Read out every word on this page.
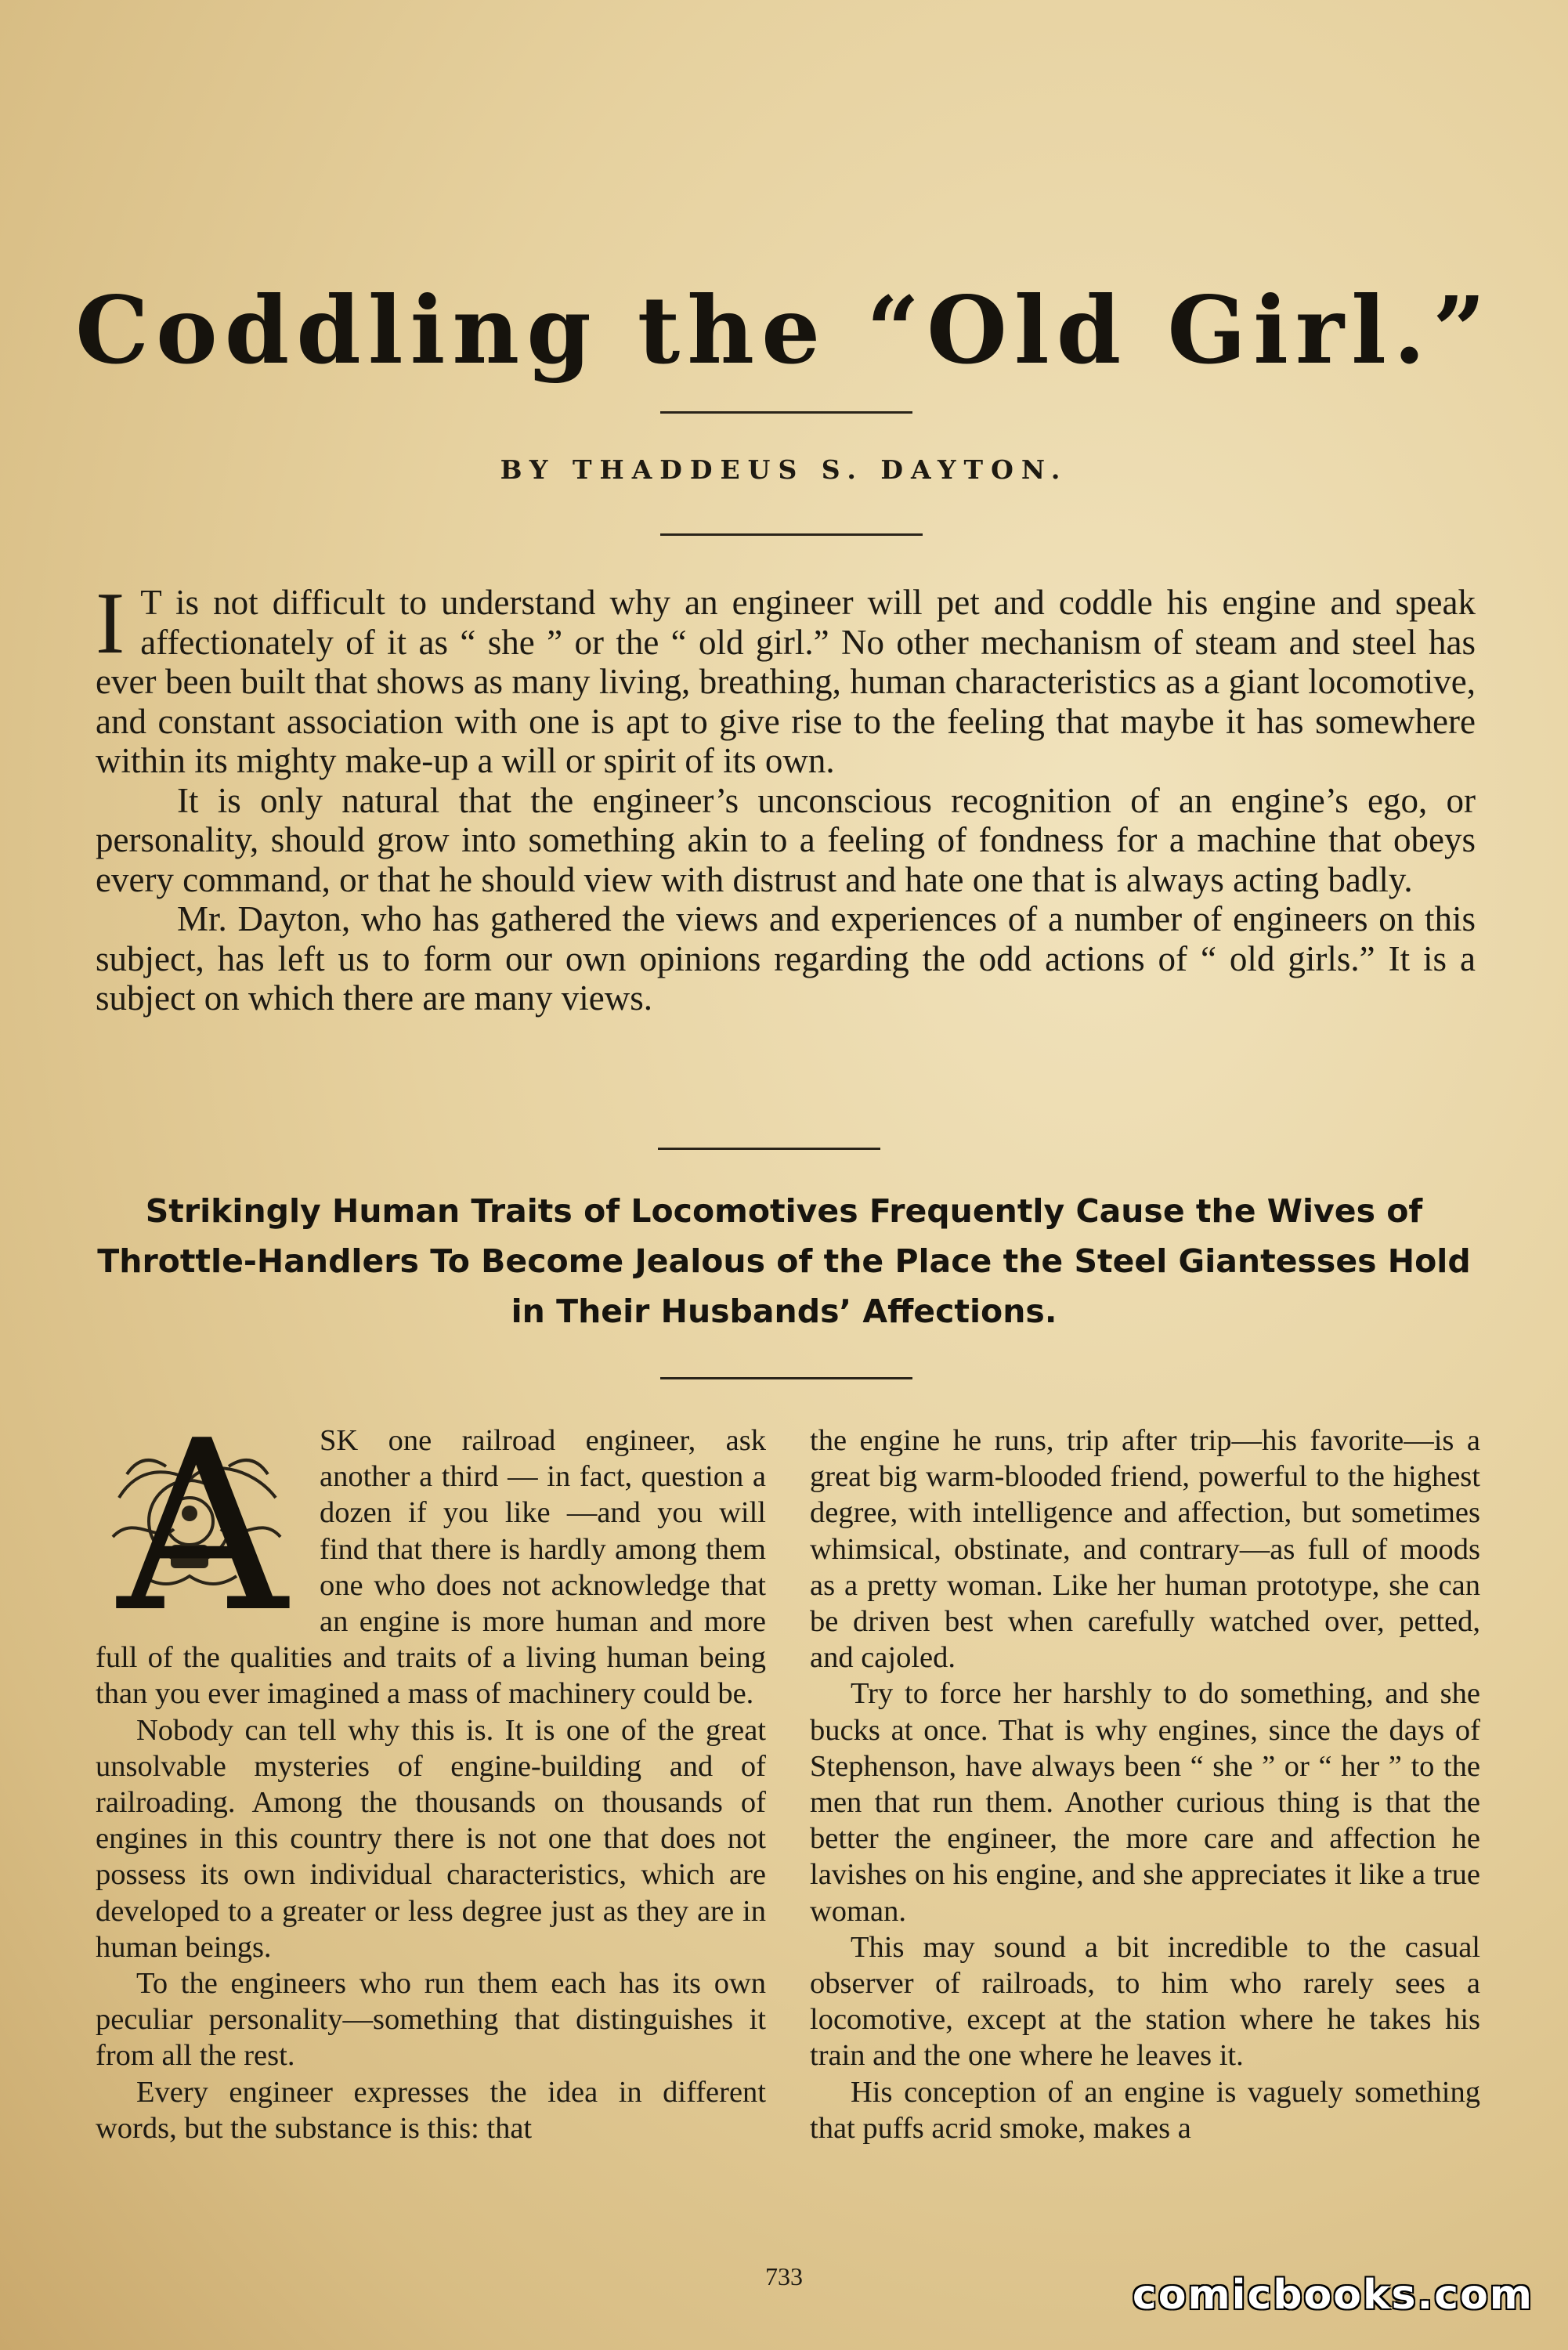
Coddling the “Old Girl.”
BY THADDEUS S. DAYTON.

I T is not difficult to understand why an engineer will pet and coddle his engine and speak affectionately of it as “ she ” or the “ old girl.” No other mechanism of steam and steel has ever been built that shows as many living, breathing, human characteristics as a giant locomotive, and constant association with one is apt to give rise to the feeling that maybe it has somewhere within its mighty make-up a will or spirit of its own.

It is only natural that the engineer’s unconscious recognition of an engine’s ego, or personality, should grow into something akin to a feeling of fondness for a machine that obeys every command, or that he should view with distrust and hate one that is always acting badly.

Mr. Dayton, who has gathered the views and experiences of a number of engineers on this subject, has left us to form our own opinions regarding the odd actions of “ old girls.” It is a subject on which there are many views.

Strikingly Human Traits of Locomotives Frequently Cause the Wives of Throttle-Handlers To Become Jealous of the Place the Steel Giantesses Hold in Their Husbands’ Affections.
A	SK one railroad engineer, ask another a third — in fact, question a dozen if you like —and you will find that there is hardly among them one who does not acknowledge that an engine is more human and more full of the qualities and traits of a living human being than you ever imagined a mass of machinery could be.

Nobody can tell why this is. It is one of the great unsolvable mysteries of engine-building and of railroading. Among the thousands on thousands of engines in this country there is not one that does not possess its own individual characteristics, which are developed to a greater or less degree just as they are in human beings.

To the engineers who run them each has its own peculiar personality—something that distinguishes it from all the rest.

Every engineer expresses the idea in different words, but the substance is this: that

the engine he runs, trip after trip—his favorite—is a great big warm-blooded friend, powerful to the highest degree, with intelligence and affection, but sometimes whimsical, obstinate, and contrary—as full of moods as a pretty woman. Like her human prototype, she can be driven best when carefully watched over, petted, and cajoled.

Try to force her harshly to do something, and she bucks at once. That is why engines, since the days of Stephenson, have always been “ she ” or “ her ” to the men that run them. Another curious thing is that the better the engineer, the more care and affection he lavishes on his engine, and she appreciates it like a true woman.

This may sound a bit incredible to the casual observer of railroads, to him who rarely sees a locomotive, except at the station where he takes his train and the one where he leaves it.

His conception of an engine is vaguely something that puffs acrid smoke, makes a

733	comicbooks.com
